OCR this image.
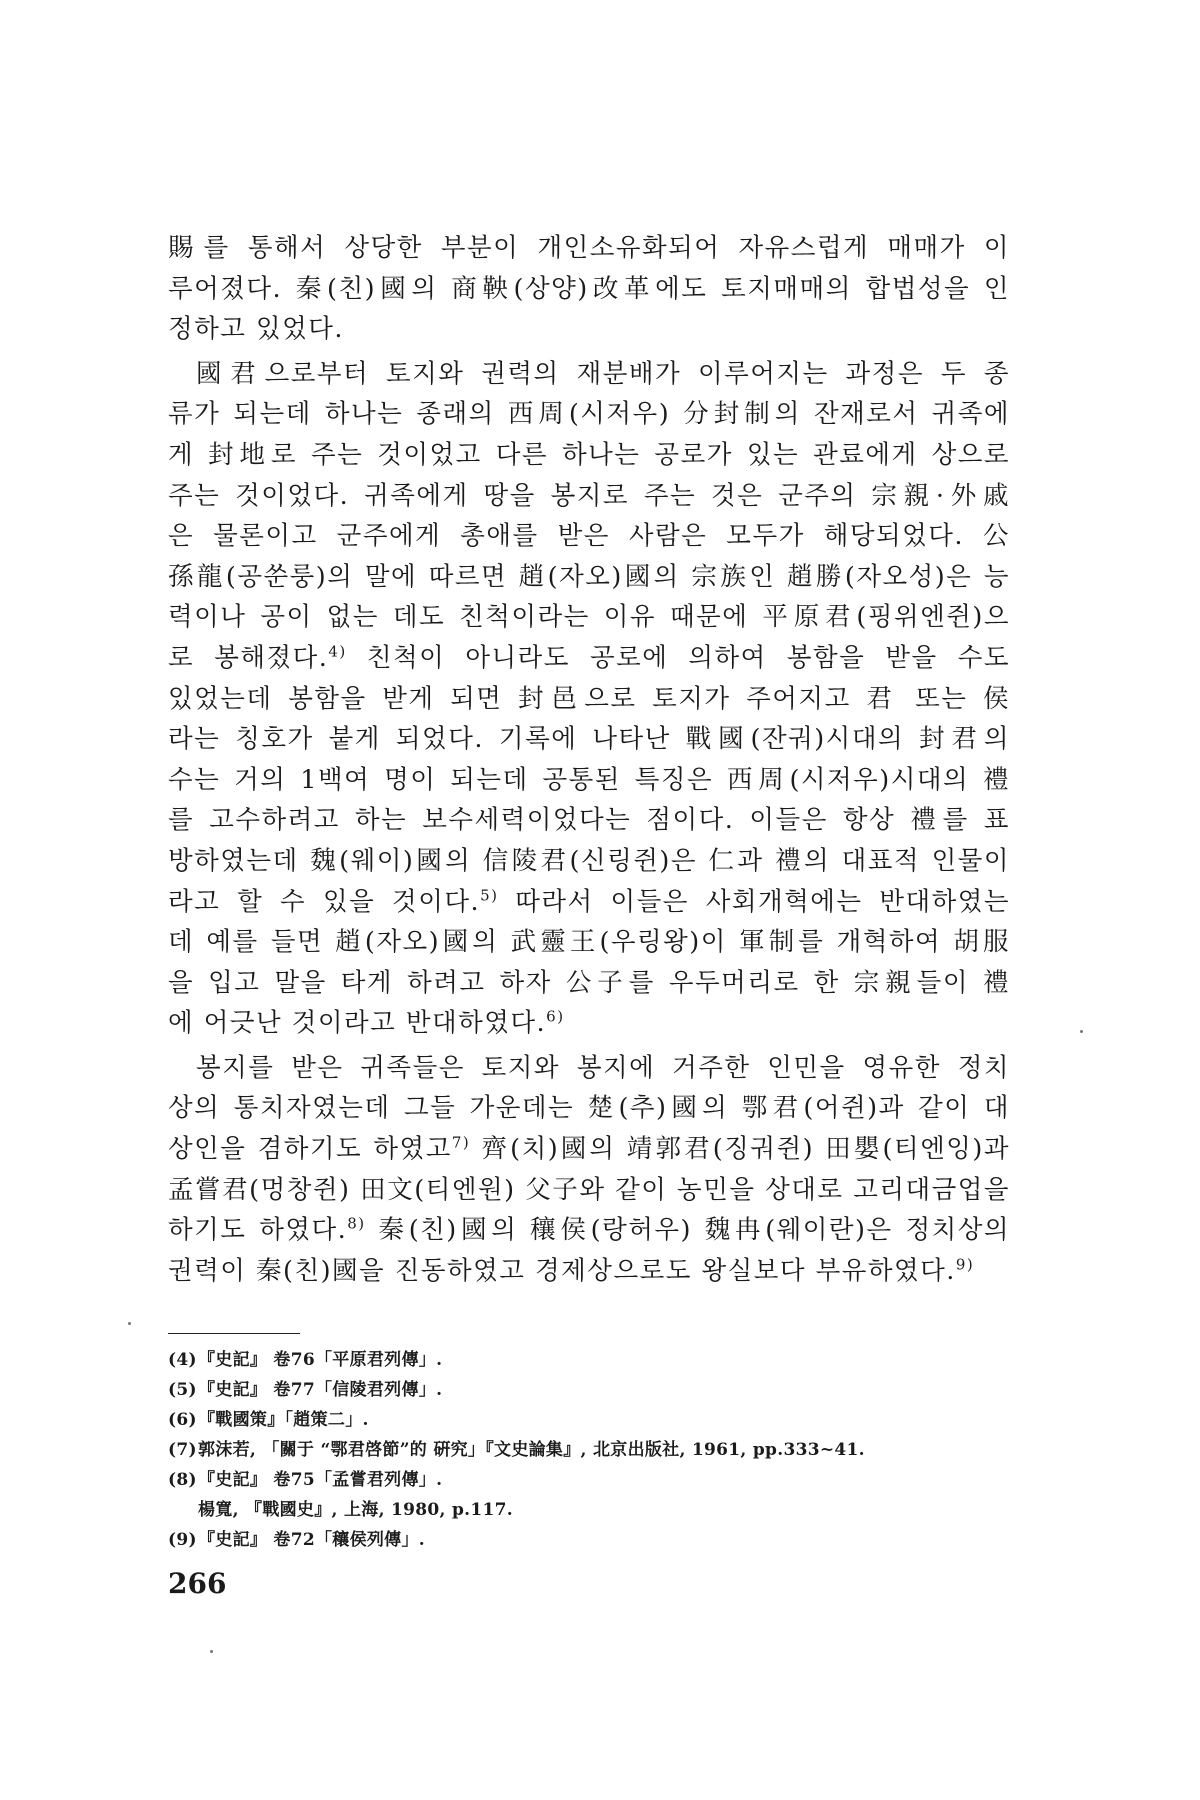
賜를 통해서 상당한 부분이 개인소유화되어 자유스럽게 매매가 이

루어졌다. 秦(친)國의 商鞅(상양)改革에도 토지매매의 합법성을 인

정하고 있었다.

國君으로부터 토지와 권력의 재분배가 이루어지는 과정은 두 종

류가 되는데 하나는 종래의 西周(시저우) 分封制의 잔재로서 귀족에

게 封地로 주는 것이었고 다른 하나는 공로가 있는 관료에게 상으로

주는 것이었다. 귀족에게 땅을 봉지로 주는 것은 군주의 宗親·外戚

은 물론이고 군주에게 총애를 받은 사람은 모두가 해당되었다. 公

孫龍(공쑨룽)의 말에 따르면 趙(자오)國의 宗族인 趙勝(자오성)은 능

력이나 공이 없는 데도 친척이라는 이유 때문에 平原君(핑위엔쥔)으

로 봉해졌다.$^{4)}$ 친척이 아니라도 공로에 의하여 봉함을 받을 수도

있었는데 봉함을 받게 되면 封邑으로 토지가 주어지고 君 또는 侯

라는 칭호가 붙게 되었다. 기록에 나타난 戰國(잔궈)시대의 封君의

수는 거의 1백여 명이 되는데 공통된 특징은 西周(시저우)시대의 禮

를 고수하려고 하는 보수세력이었다는 점이다. 이들은 항상 禮를 표

방하였는데 魏(웨이)國의 信陵君(신링쥔)은 仁과 禮의 대표적 인물이

라고 할 수 있을 것이다.$^{5)}$ 따라서 이들은 사회개혁에는 반대하였는

데 예를 들면 趙(자오)國의 武靈王(우링왕)이 軍制를 개혁하여 胡服

을 입고 말을 타게 하려고 하자 公子를 우두머리로 한 宗親들이 禮

에 어긋난 것이라고 반대하였다.$^{6)}$

봉지를 받은 귀족들은 토지와 봉지에 거주한 인민을 영유한 정치

상의 통치자였는데 그들 가운데는 楚(추)國의 鄂君(어쥔)과 같이 대

상인을 겸하기도 하였고$^{7)}$ 齊(치)國의 靖郭君(징궈쥔) 田嬰(티엔잉)과

孟嘗君(멍창쥔) 田文(티엔원) 父子와 같이 농민을 상대로 고리대금업을

하기도 하였다.$^{8)}$ 秦(친)國의 穰侯(랑허우) 魏冉(웨이란)은 정치상의

권력이 秦(친)國을 진동하였고 경제상으로도 왕실보다 부유하였다.$^{9)}$

(4)『史記』 卷76「平原君列傳」.
(5)『史記』 卷77「信陵君列傳」.
(6)『戰國策』「趙策二」.
(7)郭沫若, 「關于 “鄂君啓節”的 硏究」『文史論集』, 北京出版社, 1961, pp.333~41.
(8)『史記』 卷75「孟嘗君列傳」.
楊寬, 『戰國史』, 上海, 1980, p.117.
(9)『史記』 卷72「穰侯列傳」.
266
